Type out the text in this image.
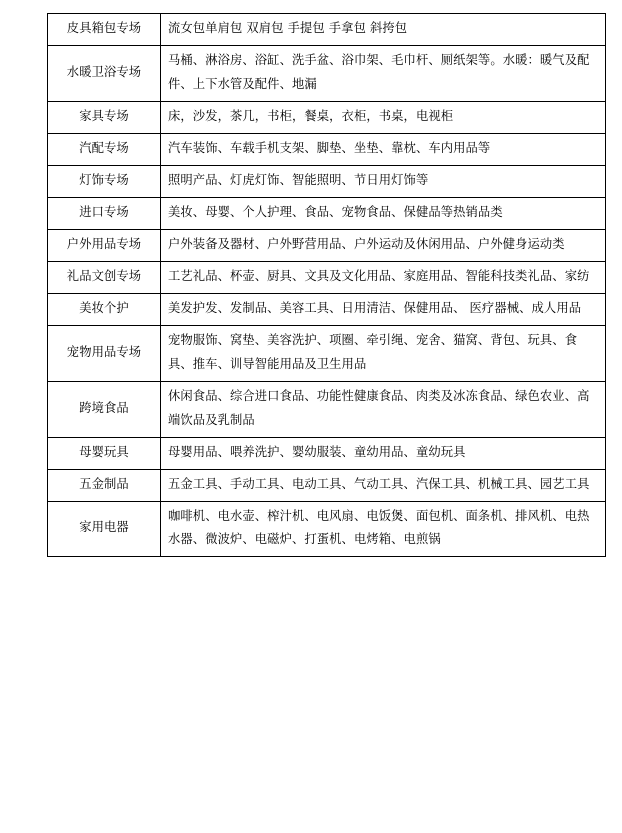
皮具箱包专场	流女包单肩包 双肩包 手提包 手拿包 斜挎包
水暖卫浴专场	马桶、淋浴房、浴缸、洗手盆、浴巾架、毛巾杆、厕纸架等。水暖：暖气及配件、上下水管及配件、地漏
家具专场	床，沙发，茶几，书柜，餐桌，衣柜，书桌，电视柜
汽配专场	汽车装饰、车载手机支架、脚垫、坐垫、靠枕、车内用品等
灯饰专场	照明产品、灯虎灯饰、智能照明、节日用灯饰等
进口专场	美妆、母婴、个人护理、食品、宠物食品、保健品等热销品类
户外用品专场	户外装备及器材、户外野营用品、户外运动及休闲用品、户外健身运动类
礼品文创专场	工艺礼品、杯壶、厨具、文具及文化用品、家庭用品、智能科技类礼品、家纺
美妆个护	美发护发、发制品、美容工具、日用清洁、保健用品、 医疗器械、成人用品
宠物用品专场	宠物服饰、窝垫、美容洗护、项圈、牵引绳、宠舍、猫窝、背包、玩具、食具、推车、训导智能用品及卫生用品
跨境食品	休闲食品、综合进口食品、功能性健康食品、肉类及冰冻食品、绿色农业、高端饮品及乳制品
母婴玩具	母婴用品、喂养洗护、婴幼服装、童幼用品、童幼玩具
五金制品	五金工具、手动工具、电动工具、气动工具、汽保工具、机械工具、园艺工具
家用电器	咖啡机、电水壶、榨汁机、电风扇、电饭煲、面包机、面条机、排风机、电热水器、微波炉、电磁炉、打蛋机、电烤箱、电煎锅
